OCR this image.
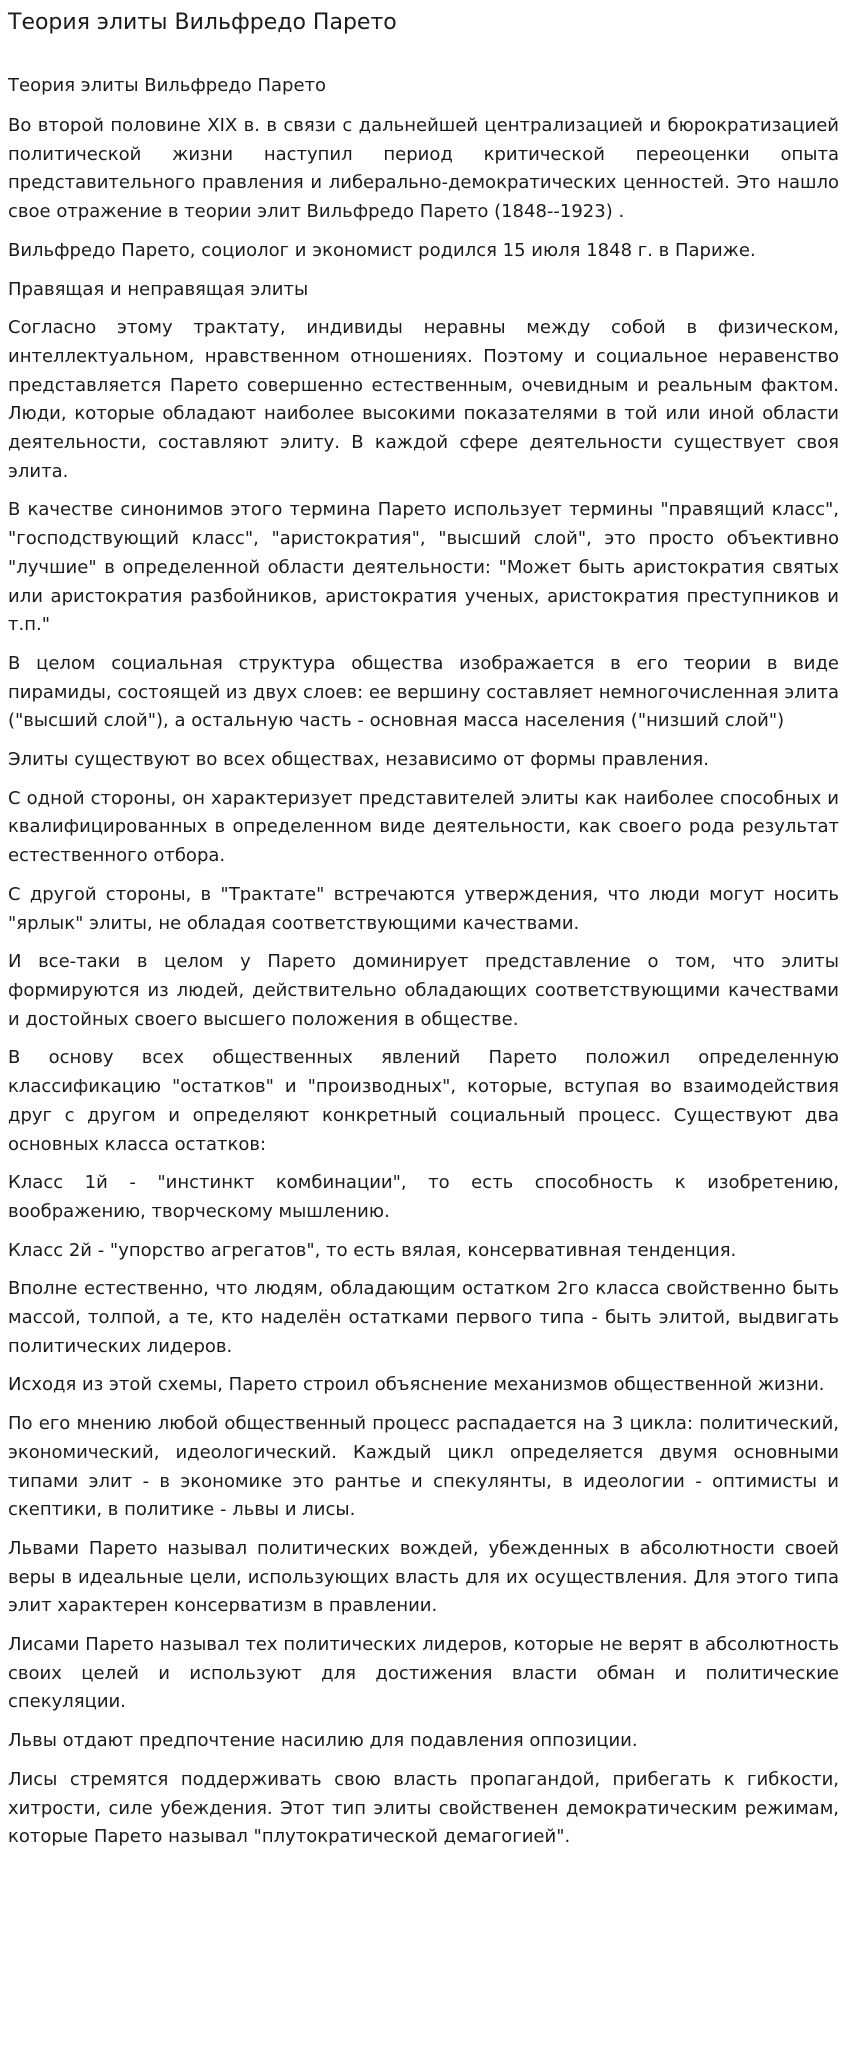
Теория элиты Вильфредо Парето
Теория элиты Вильфредо Парето

Во второй половине XIX в. в связи с дальнейшей централизацией и бюрократизацией политической жизни наступил период критической переоценки опыта представительного правления и либерально-демократических ценностей. Это нашло свое отражение в теории элит Вильфредо Парето (1848--1923) .

Вильфредо Парето, социолог и экономист родился 15 июля 1848 г. в Париже.

Правящая и неправящая элиты

Согласно этому трактату, индивиды неравны между собой в физическом, интеллектуальном, нравственном отношениях. Поэтому и социальное неравенство представляется Парето совершенно естественным, очевидным и реальным фактом. Люди, которые обладают наиболее высокими показателями в той или иной области деятельности, составляют элиту. В каждой сфере деятельности существует своя элита.

В качестве синонимов этого термина Парето использует термины "правящий класс", "господствующий класс", "аристократия", "высший слой", это просто объективно "лучшие" в определенной области деятельности: "Может быть аристократия святых или аристократия разбойников, аристократия ученых, аристократия преступников и т.п."

В целом социальная структура общества изображается в его теории в виде пирамиды, состоящей из двух слоев: ее вершину составляет немногочисленная элита ("высший слой"), а остальную часть - основная масса населения ("низший слой")

Элиты существуют во всех обществах, независимо от формы правления.

С одной стороны, он характеризует представителей элиты как наиболее способных и квалифицированных в определенном виде деятельности, как своего рода результат естественного отбора.

С другой стороны, в "Трактате" встречаются утверждения, что люди могут носить "ярлык" элиты, не обладая соответствующими качествами.

И все-таки в целом у Парето доминирует представление о том, что элиты формируются из людей, действительно обладающих соответствующими качествами и достойных своего высшего положения в обществе.

В основу всех общественных явлений Парето положил определенную классификацию "остатков" и "производных", которые, вступая во взаимодействия друг с другом и определяют конкретный социальный процесс. Существуют два основных класса остатков:

Класс 1й - "инстинкт комбинации", то есть способность к изобретению, воображению, творческому мышлению.

Класс 2й - "упорство агрегатов", то есть вялая, консервативная тенденция.

Вполне естественно, что людям, обладающим остатком 2го класса свойственно быть массой, толпой, а те, кто наделён остатками первого типа - быть элитой, выдвигать политических лидеров.

Исходя из этой схемы, Парето строил объяснение механизмов общественной жизни.

По его мнению любой общественный процесс распадается на 3 цикла: политический, экономический, идеологический. Каждый цикл определяется двумя основными типами элит - в экономике это рантье и спекулянты, в идеологии - оптимисты и скептики, в политике - львы и лисы.

Львами Парето называл политических вождей, убежденных в абсолютности своей веры в идеальные цели, использующих власть для их осуществления. Для этого типа элит характерен консерватизм в правлении.

Лисами Парето называл тех политических лидеров, которые не верят в абсолютность своих целей и используют для достижения власти обман и политические спекуляции.

Львы отдают предпочтение насилию для подавления оппозиции.

Лисы стремятся поддерживать свою власть пропагандой, прибегать к гибкости, хитрости, силе убеждения. Этот тип элиты свойственен демократическим режимам, которые Парето называл "плутократической демагогией".
